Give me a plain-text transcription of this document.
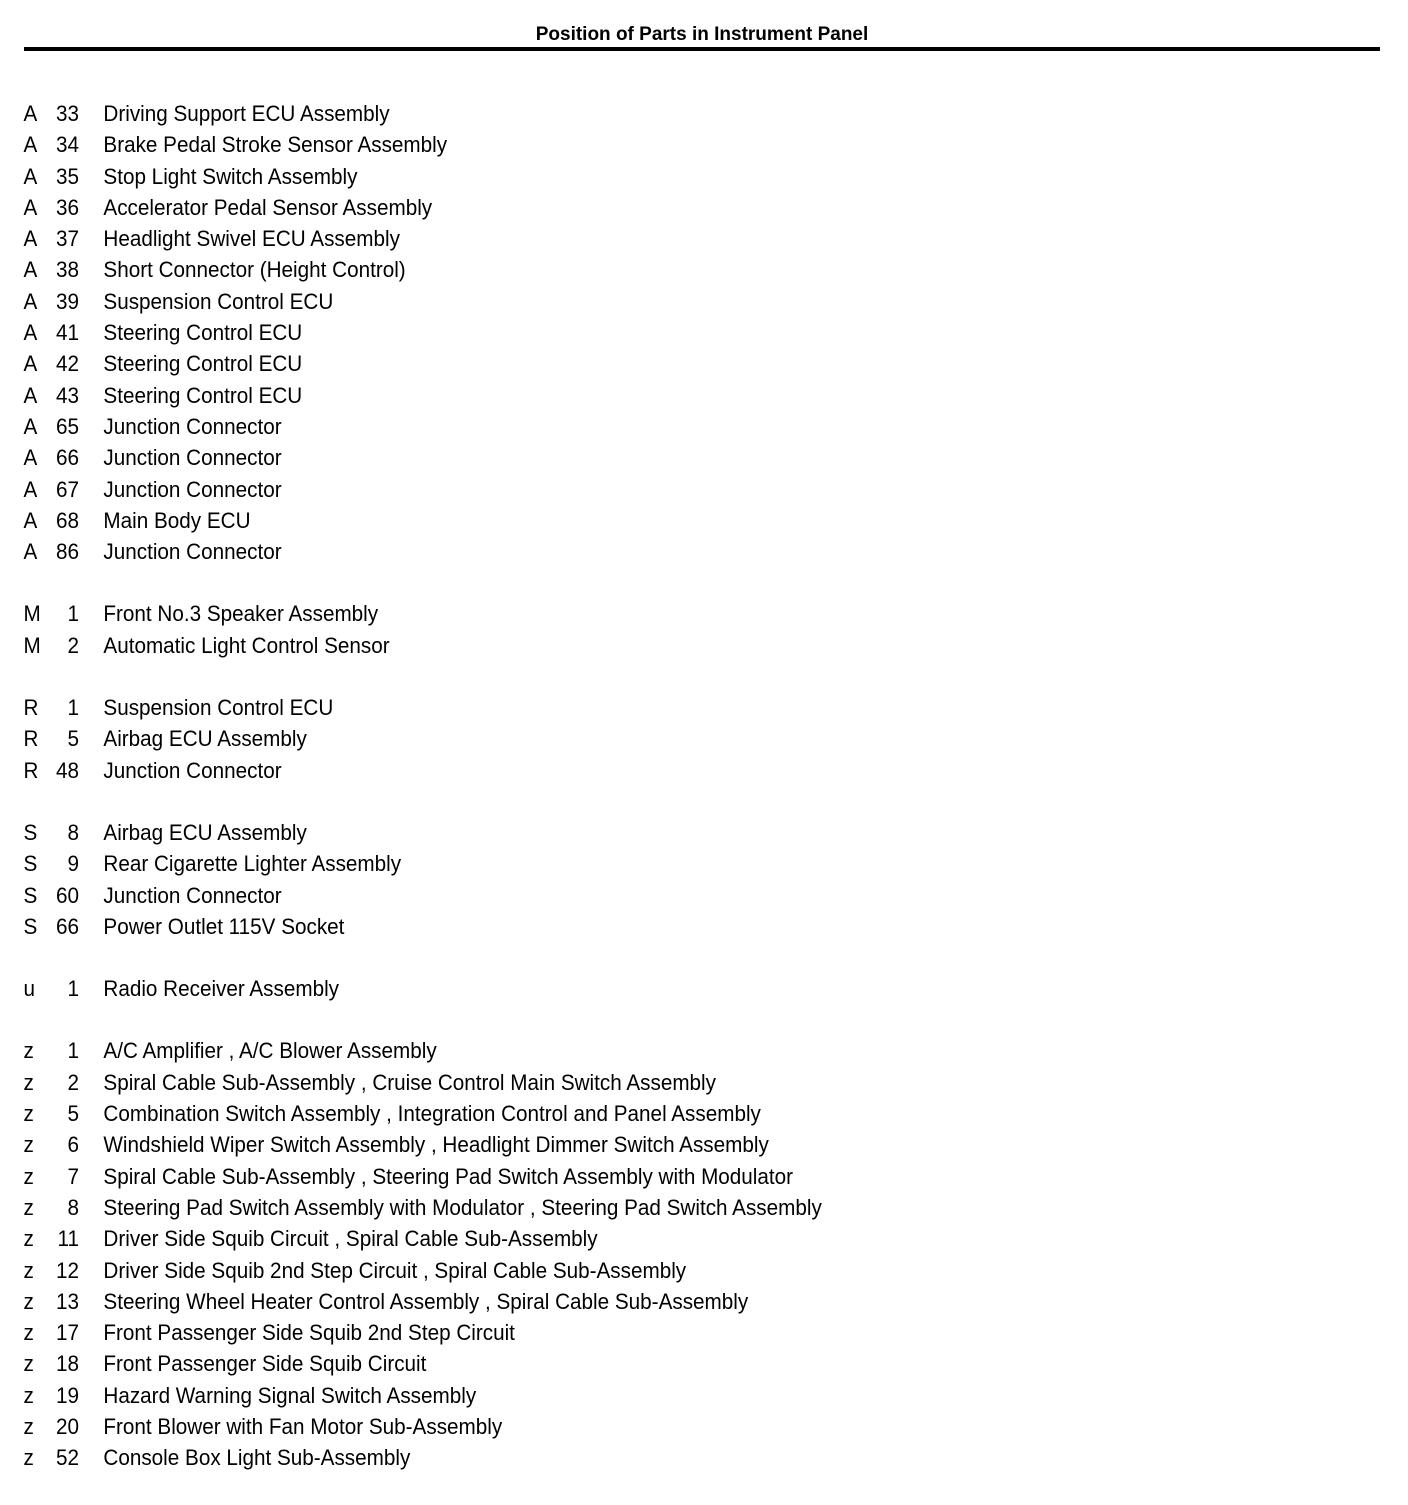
Position of Parts in Instrument Panel
A 33 Driving Support ECU Assembly
A 34 Brake Pedal Stroke Sensor Assembly
A 35 Stop Light Switch Assembly
A 36 Accelerator Pedal Sensor Assembly
A 37 Headlight Swivel ECU Assembly
A 38 Short Connector (Height Control)
A 39 Suspension Control ECU
A 41 Steering Control ECU
A 42 Steering Control ECU
A 43 Steering Control ECU
A 65 Junction Connector
A 66 Junction Connector
A 67 Junction Connector
A 68 Main Body ECU
A 86 Junction Connector
M	1 Front No.3 Speaker Assembly
M	2 Automatic Light Control Sensor
R	1 Suspension Control ECU
R	5 Airbag ECU Assembly
R 48 Junction Connector
S	8 Airbag ECU Assembly
S	9 Rear Cigarette Lighter Assembly
S 60 Junction Connector
S 66 Power Outlet 115V Socket
u	1 Radio Receiver Assembly
z	1 A/C Amplifier , A/C Blower Assembly
z	2 Spiral Cable Sub-Assembly , Cruise Control Main Switch Assembly
z	5 Combination Switch Assembly , Integration Control and Panel Assembly
z	6 Windshield Wiper Switch Assembly , Headlight Dimmer Switch Assembly
z	7 Spiral Cable Sub-Assembly , Steering Pad Switch Assembly with Modulator
z	8 Steering Pad Switch Assembly with Modulator , Steering Pad Switch Assembly
z	11 Driver Side Squib Circuit , Spiral Cable Sub-Assembly
z	12 Driver Side Squib 2nd Step Circuit , Spiral Cable Sub-Assembly
z	13 Steering Wheel Heater Control Assembly , Spiral Cable Sub-Assembly
z	17 Front Passenger Side Squib 2nd Step Circuit
z	18 Front Passenger Side Squib Circuit
z	19 Hazard Warning Signal Switch Assembly
z	20 Front Blower with Fan Motor Sub-Assembly
z	52 Console Box Light Sub-Assembly
